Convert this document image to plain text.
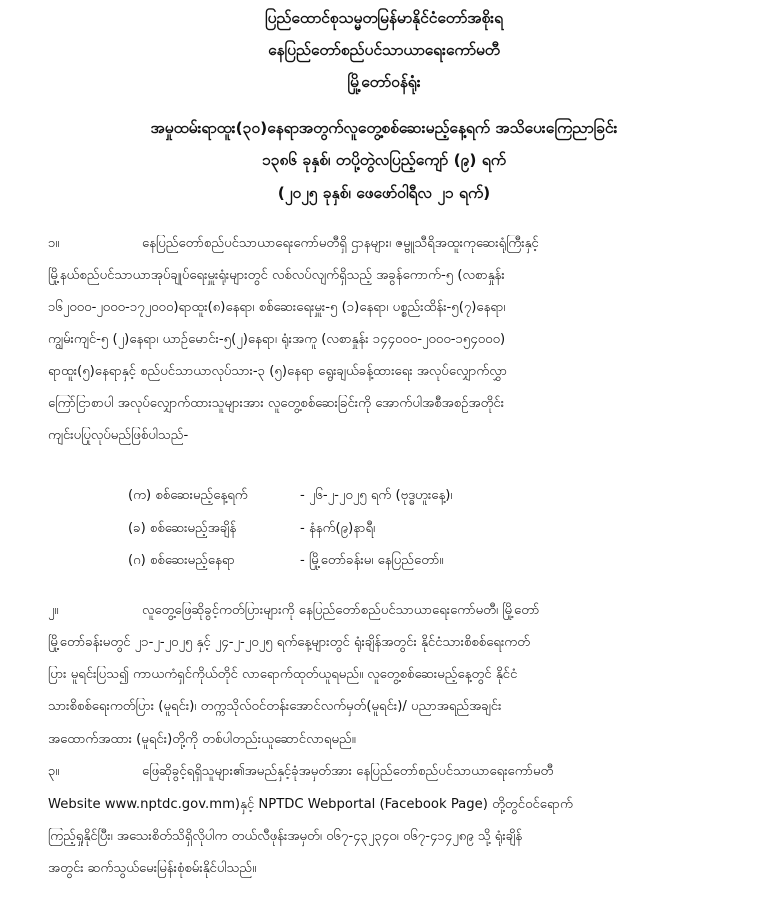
ပြည်ထောင်စုသမ္မတမြန်မာနိုင်ငံတော်အစိုးရ
နေပြည်တော်စည်ပင်သာယာရေးကော်မတီ
မြို့တော်ဝန်ရုံး
အမှုထမ်းရာထူး(၃၀)နေရာအတွက်လူတွေ့စစ်ဆေးမည့်နေ့ရက် အသိပေးကြေညာခြင်း
၁၃၈၆ ခုနှစ်၊ တပို့တွဲလပြည့်ကျော် (၉) ရက်
(၂၀၂၅ ခုနှစ်၊ ဖေဖော်ဝါရီလ ၂၁ ရက်)
၁။	နေပြည်တော်စည်ပင်သာယာရေးကော်မတီရှိ ဌာနများ၊ ဇမ္ဗူသီရိအထူးကုဆေးရုံကြီးနှင့်
မြို့နယ်စည်ပင်သာယာအုပ်ချုပ်ရေးမှူးရုံးများတွင် လစ်လပ်လျက်ရှိသည့် အခွန်ကောက်-၅ (လစာနှုန်း
၁၆၂၀၀၀-၂၀၀၀-၁၇၂၀၀၀)ရာထူး(၈)နေရာ၊ စစ်ဆေးရေးမှူး-၅ (၁)နေရာ၊ ပစ္စည်းထိန်း-၅(၇)နေရာ၊
ကျွမ်းကျင်-၅ (၂)နေရာ၊ ယာဉ်မောင်း-၅(၂)နေရာ၊ ရုံးအကူ (လစာနှုန်း ၁၄၄၀၀၀-၂၀၀၀-၁၅၄၀၀၀)
ရာထူး(၅)နေရာနှင့် စည်ပင်သာယာလုပ်သား-၃ (၅)နေရာ ရွေးချယ်ခန့်ထားရေး အလုပ်လျှောက်လွှာ
ကြော်ငြာစာပါ အလုပ်လျှောက်ထားသူများအား လူတွေ့စစ်ဆေးခြင်းကို အောက်ပါအစီအစဉ်အတိုင်း
ကျင်းပပြုလုပ်မည်ဖြစ်ပါသည်-
(က) စစ်ဆေးမည့်နေ့ရက်	- ၂၆-၂-၂၀၂၅ ရက် (ဗုဒ္ဓဟူးနေ့)၊
(ခ) စစ်ဆေးမည့်အချိန်	- နံနက်(၉)နာရီ၊
(ဂ) စစ်ဆေးမည့်နေရာ	- မြို့တော်ခန်းမ၊ နေပြည်တော်။
၂။	လူတွေ့ဖြေဆိုခွင့်ကတ်ပြားများကို နေပြည်တော်စည်ပင်သာယာရေးကော်မတီ၊ မြို့တော်
မြို့တော်ခန်းမတွင် ၂၁-၂-၂၀၂၅ နှင့် ၂၄-၂-၂၀၂၅ ရက်နေ့များတွင် ရုံးချိန်အတွင်း နိုင်ငံသားစိစစ်ရေးကတ်
ပြား မူရင်းပြသ၍ ကာယကံရှင်ကိုယ်တိုင် လာရောက်ထုတ်ယူရမည်။ လူတွေ့စစ်ဆေးမည့်နေ့တွင် နိုင်ငံ
သားစိစစ်ရေးကတ်ပြား (မူရင်း)၊ တက္ကသိုလ်ဝင်တန်းအောင်လက်မှတ်(မူရင်း)/ ပညာအရည်အချင်း
အထောက်အထား (မူရင်း)တို့ကို တစ်ပါတည်းယူဆောင်လာရမည်။
၃။	ဖြေဆိုခွင့်ရရှိသူများ၏အမည်နှင့်ခုံအမှတ်အား နေပြည်တော်စည်ပင်သာယာရေးကော်မတီ
Website www.nptdc.gov.mm)နှင့် NPTDC Webportal (Facebook Page) တို့တွင်ဝင်ရောက်
ကြည့်ရှုနိုင်ပြီး၊ အသေးစိတ်သိရှိလိုပါက တယ်လီဖုန်းအမှတ်၊ ၀၆၇-၄၃၂၃၄၀၊ ၀၆၇-၄၁၄၂၈၉ သို့ ရုံးချိန်
အတွင်း ဆက်သွယ်မေးမြန်းစုံစမ်းနိုင်ပါသည်။
